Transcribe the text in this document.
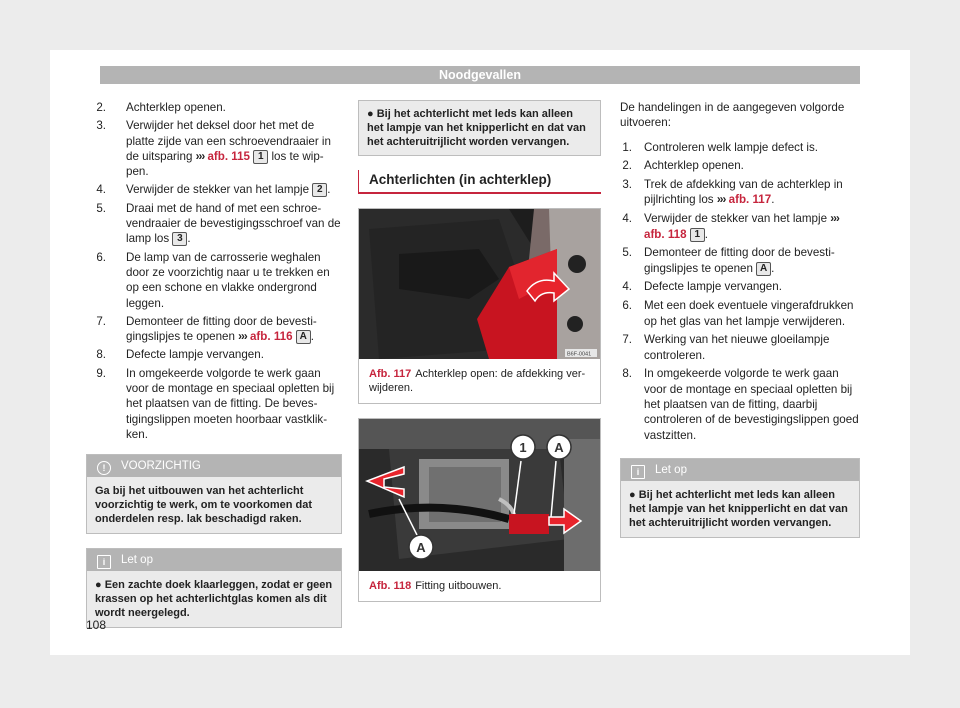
Noodgevallen
2. Achterklep openen.
3. Verwijder het deksel door het met de platte zijde van een schroevendraaier in de uitsparing ››› afb. 115 1 los te wippen.
4. Verwijder de stekker van het lampje 2 .
5. Draai met de hand of met een schroevendraaier de bevestigingsschroef van de lamp los 3 .
6. De lamp van de carrosserie weghalen door ze voorzichtig naar u te trekken en op een schone en vlakke ondergrond leggen.
7. Demonteer de fitting door de bevestigingslipjes te openen ››› afb. 116 A .
8. Defecte lampje vervangen.
9. In omgekeerde volgorde te werk gaan voor de montage en speciaal opletten bij het plaatsen van de fitting. De bevestigingslippen moeten hoorbaar vastklikken.
! VOORZICHTIG
Ga bij het uitbouwen van het achterlicht voorzichtig te werk, om te voorkomen dat onderdelen resp. lak beschadigd raken.
i Let op
● Een zachte doek klaarleggen, zodat er geen krassen op het achterlichtglas komen als dit wordt neergelegd.
● Bij het achterlicht met leds kan alleen het lampje van het knipperlicht en dat van het achteruitrijlicht worden vervangen.
Achterlichten (in achterklep)
B6F-0041
Afb. 117 Achterklep open: de afdekking verwijderen.
1 A
A
Afb. 118 Fitting uitbouwen.
De handelingen in de aangegeven volgorde uitvoeren:
1. Controleren welk lampje defect is.
2. Achterklep openen.
3. Trek de afdekking van de achterklep in pijlrichting los ››› afb. 117.
4. Verwijder de stekker van het lampje ››› afb. 118 1 .
5. Demonteer de fitting door de bevestigingslipjes te openen A .
4. Defecte lampje vervangen.
6. Met een doek eventuele vingerafdrukken op het glas van het lampje verwijderen.
7. Werking van het nieuwe gloeilampje controleren.
8. In omgekeerde volgorde te werk gaan voor de montage en speciaal opletten bij het plaatsen van de fitting, daarbij controleren of de bevestigingslippen goed vastzitten.
i Let op
● Bij het achterlicht met leds kan alleen het lampje van het knipperlicht en dat van het achteruitrijlicht worden vervangen.
108
